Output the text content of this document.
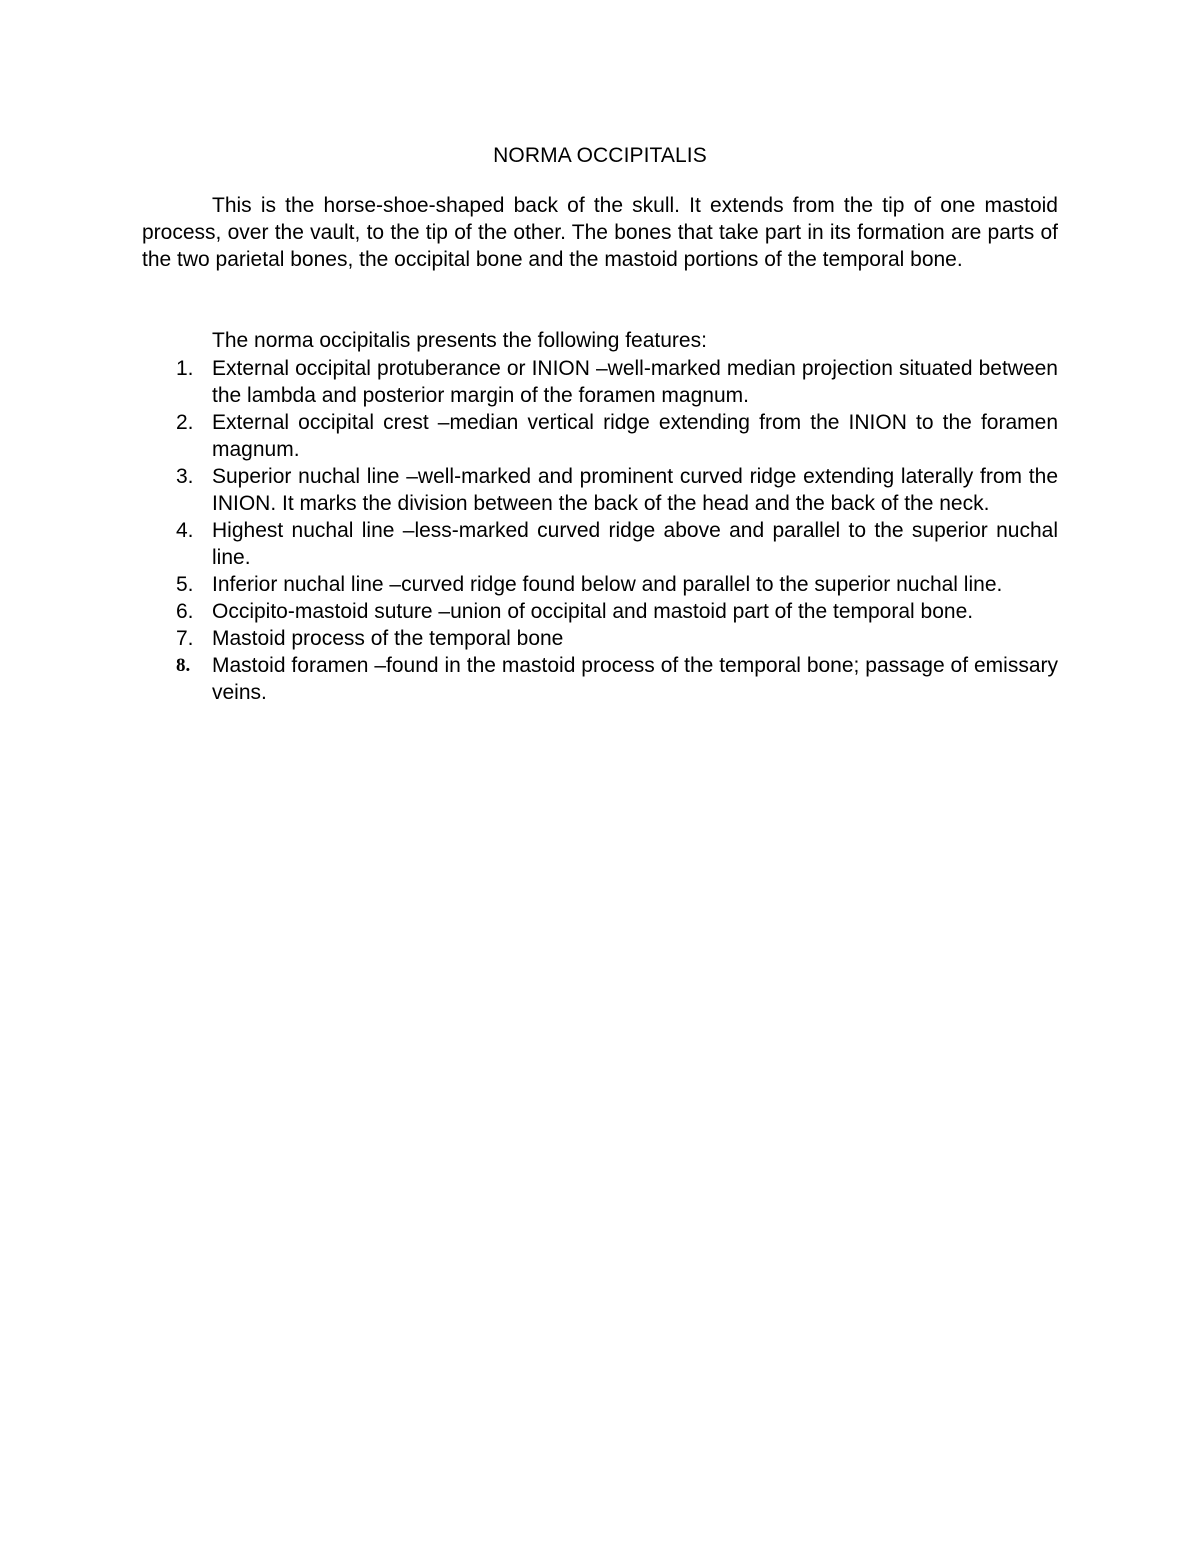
NORMA OCCIPITALIS

This is the horse-shoe-shaped back of the skull. It extends from the tip of one mastoid process, over the vault, to the tip of the other. The bones that take part in its formation are parts of the two parietal bones, the occipital bone and the mastoid portions of the temporal bone.

The norma occipitalis presents the following features:

1. External occipital protuberance or INION –well-marked median projection situated between the lambda and posterior margin of the foramen magnum.
2. External occipital crest –median vertical ridge extending from the INION to the foramen magnum.
3. Superior nuchal line –well-marked and prominent curved ridge extending laterally from the INION. It marks the division between the back of the head and the back of the neck.
4. Highest nuchal line –less-marked curved ridge above and parallel to the superior nuchal line.
5. Inferior nuchal line –curved ridge found below and parallel to the superior nuchal line.
6. Occipito-mastoid suture –union of occipital and mastoid part of the temporal bone.
7. Mastoid process of the temporal bone
8. Mastoid foramen –found in the mastoid process of the temporal bone; passage of emissary veins.
